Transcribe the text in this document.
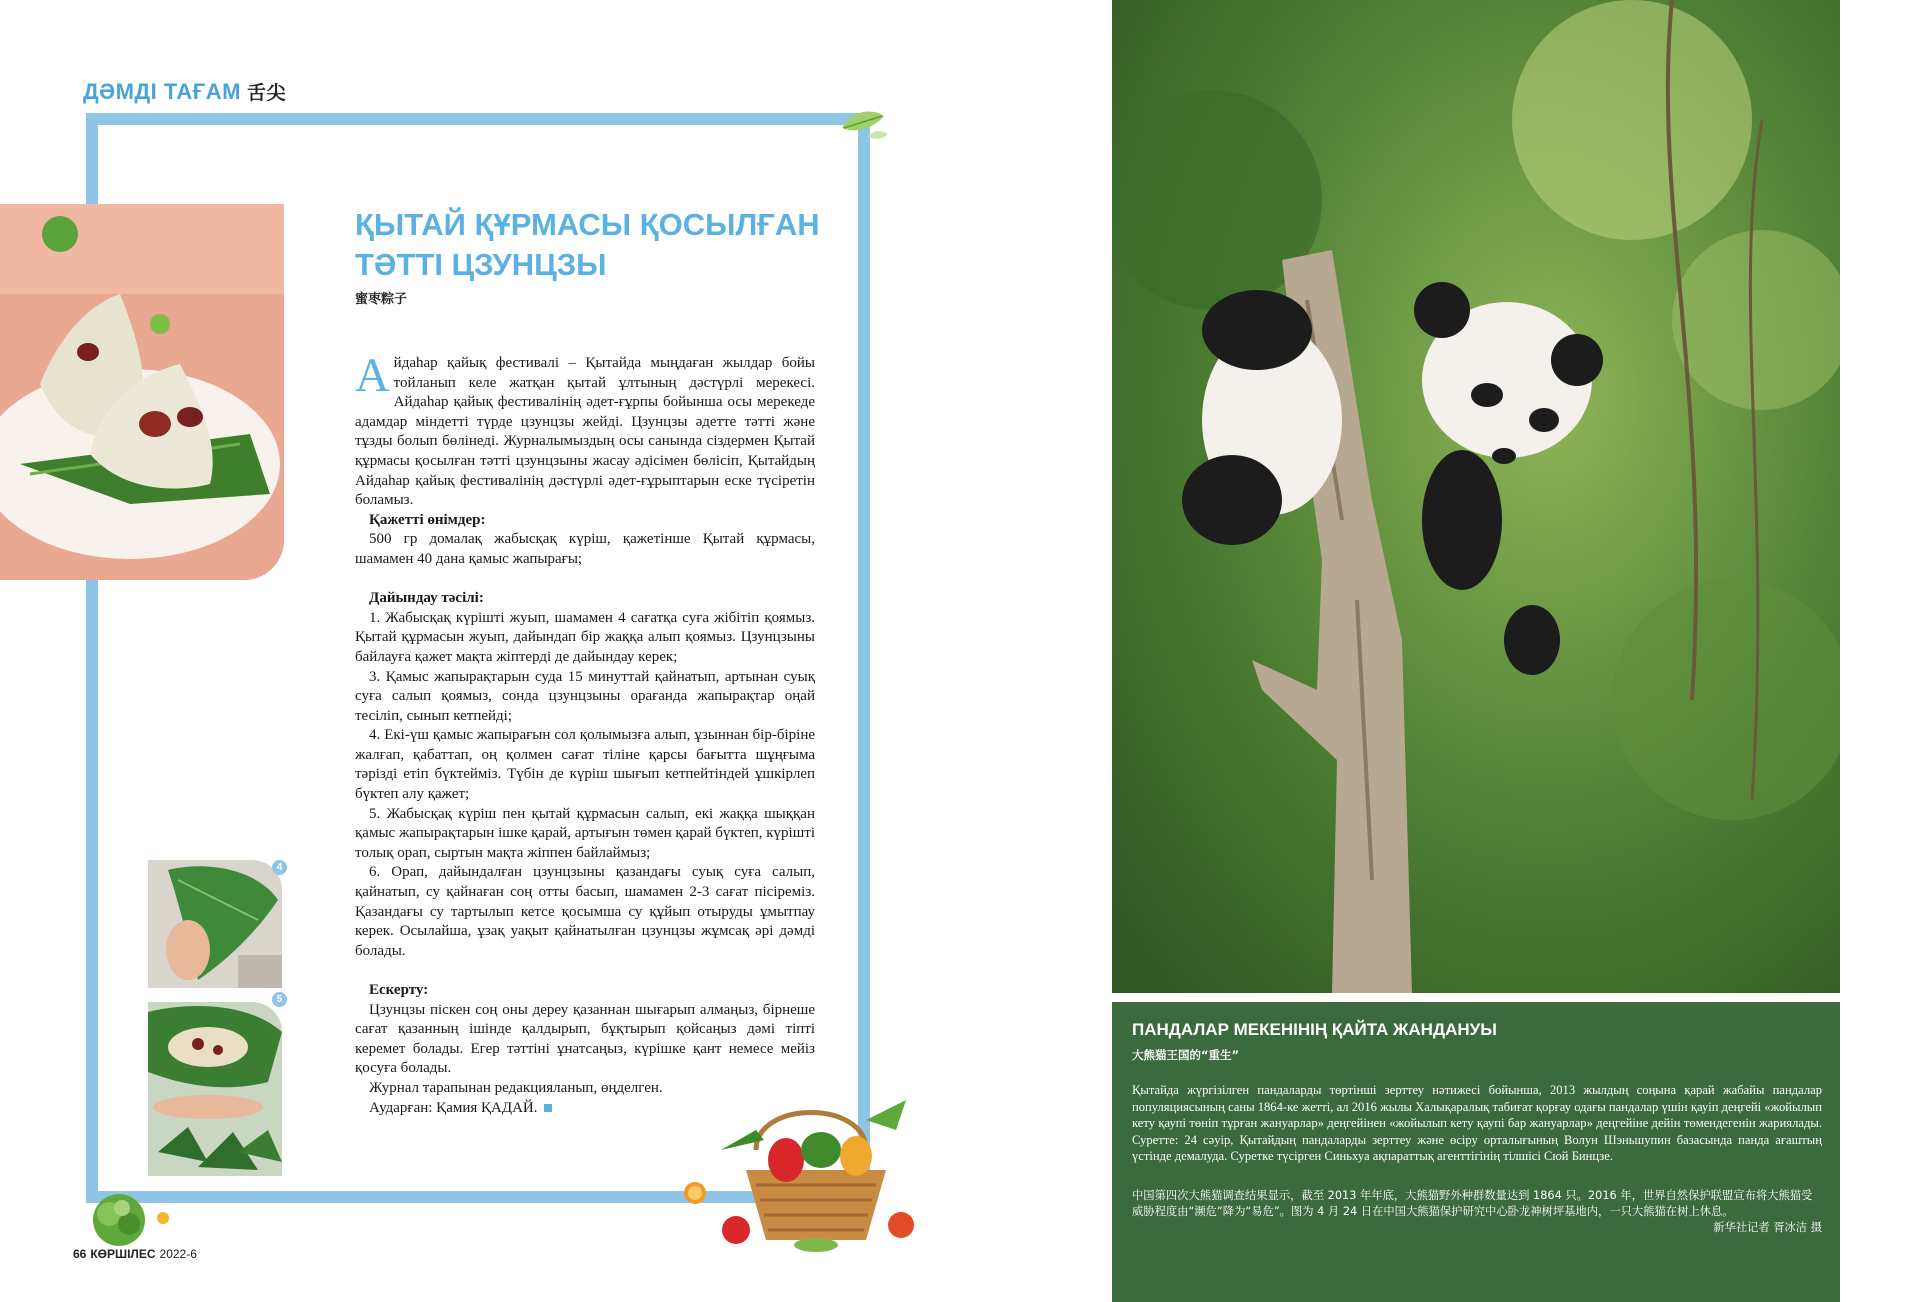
ДӘМДІ ТАҒАМ 舌尖
ҚЫТАЙ ҚҰРМАСЫ ҚОСЫЛҒАН
ТӘТТІ ЦЗУНЦЗЫ
蜜枣粽子

Айдаһар қайық фестивалі – Қытайда мыңдаған жылдар бойы тойланып келе жатқан қытай ұлтының дәстүрлі мерекесі. Айдаһар қайық фестивалінің әдет-ғұрпы бойынша осы мерекеде адамдар міндетті түрде цзунцзы жейді. Цзунцзы әдетте тәтті және тұзды болып бөлінеді. Журналымыздың осы санында сіздермен Қытай құрмасы қосылған тәтті цзунцзыны жасау әдісімен бөлісіп, Қытайдың Айдаһар қайық фестивалінің дәстүрлі әдет-ғұрыптарын еске түсіретін боламыз.

Қажетті өнімдер:

500 гр домалақ жабысқақ күріш, қажетінше Қытай құрмасы, шамамен 40 дана қамыс жапырағы;

Дайындау тәсілі:

1. Жабысқақ күрішті жуып, шамамен 4 сағатқа суға жібітіп қоямыз. Қытай құрмасын жуып, дайындап бір жаққа алып қоямыз. Цзунцзыны байлауға қажет мақта жіптерді де дайындау керек;

3. Қамыс жапырақтарын суда 15 минуттай қайнатып, артынан суық суға салып қоямыз, сонда цзунцзыны орағанда жапырақтар оңай тесіліп, сынып кетпейді;

4. Екі-үш қамыс жапырағын сол қолымызға алып, ұзыннан бір-біріне жалғап, қабаттап, оң қолмен сағат тіліне қарсы бағытта шұңғыма тәрізді етіп бүктейміз. Түбін де күріш шығып кетпейтіндей ұшкірлеп бүктеп алу қажет;

5. Жабысқақ күріш пен қытай құрмасын салып, екі жаққа шыққан қамыс жапырақтарын ішке қарай, артығын төмен қарай бүктеп, күрішті толық орап, сыртын мақта жіппен байлаймыз;

6. Орап, дайындалған цзунцзыны қазандағы суық суға салып, қайнатып, су қайнаған соң отты басып, шамамен 2-3 сағат пісіреміз. Қазандағы су тартылып кетсе қосымша су құйып отыруды ұмытпау керек. Осылайша, ұзақ уақыт қайнатылған цзунцзы жұмсақ әрі дәмді болады.

Ескерту:

Цзунцзы піскен соң оны дереу қазаннан шығарып алмаңыз, бірнеше сағат қазанның ішінде қалдырып, бұқтырып қойсаңыз дәмі тіпті керемет болады. Егер тәттіні ұнатсаңыз, күрішке қант немесе мейіз қосуға болады.

Журнал тарапынан редакцияланып, өңделген.

Аударған: Қамия ҚАДАЙ.

4
5
66 КӨРШІЛЕС 2022-6
ПАНДАЛАР МЕКЕНІНІҢ ҚАЙТА ЖАНДАНУЫ
大熊猫王国的“重生”
Қытайда жүргізілген пандаларды төртінші зерттеу нәтижесі бойынша, 2013 жылдың соңына қарай жабайы пандалар популяциясының саны 1864-ке жетті, ал 2016 жылы Халықаралық табиғат қорғау одағы пандалар үшін қауіп деңгейі «жойылып кету қаупі төніп тұрған жануарлар» деңгейінен «жойылып кету қаупі бар жануарлар» деңгейіне дейін төмендегенін жариялады. Суретте: 24 сәуір, Қытайдың пандаларды зерттеу және өсіру орталығының Волун Шэньшупин базасында панда ағаштың үстінде демалуда. Суретке түсірген Синьхуа ақпараттық агенттігінің тілшісі Сюй Бинцзе.
中国第四次大熊猫调查结果显示，截至 2013 年年底，大熊猫野外种群数量达到 1864 只。2016 年，世界自然保护联盟宣布将大熊猫受威胁程度由“濒危”降为“易危”。图为 4 月 24 日在中国大熊猫保护研究中心卧龙神树坪基地内，一只大熊猫在树上休息。
新华社记者 胥冰洁 摄
